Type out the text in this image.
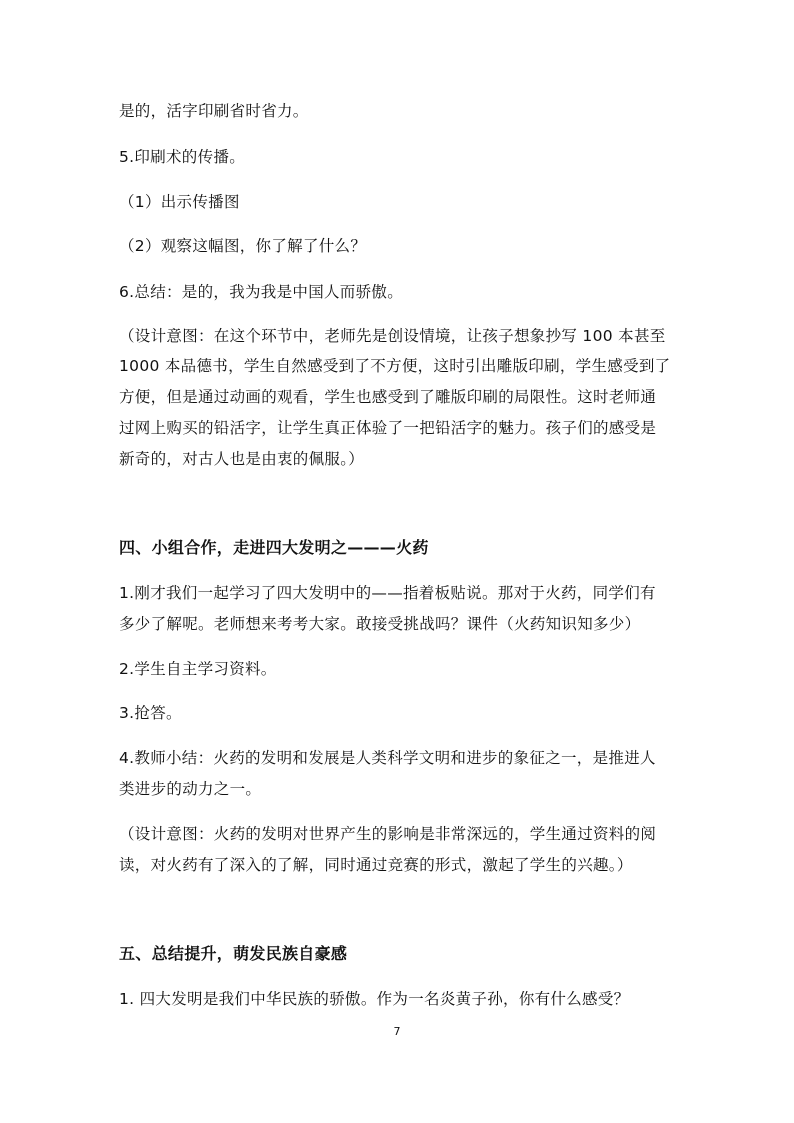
是的，活字印刷省时省力。
5.印刷术的传播。
（1）出示传播图
（2）观察这幅图，你了解了什么？
6.总结：是的，我为我是中国人而骄傲。
（设计意图：在这个环节中，老师先是创设情境，让孩子想象抄写 100 本甚至
1000 本品德书，学生自然感受到了不方便，这时引出雕版印刷，学生感受到了
方便，但是通过动画的观看，学生也感受到了雕版印刷的局限性。这时老师通
过网上购买的铅活字，让学生真正体验了一把铅活字的魅力。孩子们的感受是
新奇的，对古人也是由衷的佩服。）
四、小组合作，走进四大发明之———火药
1.刚才我们一起学习了四大发明中的——指着板贴说。那对于火药，同学们有
多少了解呢。老师想来考考大家。敢接受挑战吗？课件（火药知识知多少）
2.学生自主学习资料。
3.抢答。
4.教师小结：火药的发明和发展是人类科学文明和进步的象征之一，是推进人
类进步的动力之一。
（设计意图：火药的发明对世界产生的影响是非常深远的，学生通过资料的阅
读，对火药有了深入的了解，同时通过竞赛的形式，激起了学生的兴趣。）
五、总结提升，萌发民族自豪感
1. 四大发明是我们中华民族的骄傲。作为一名炎黄子孙，你有什么感受？
7
